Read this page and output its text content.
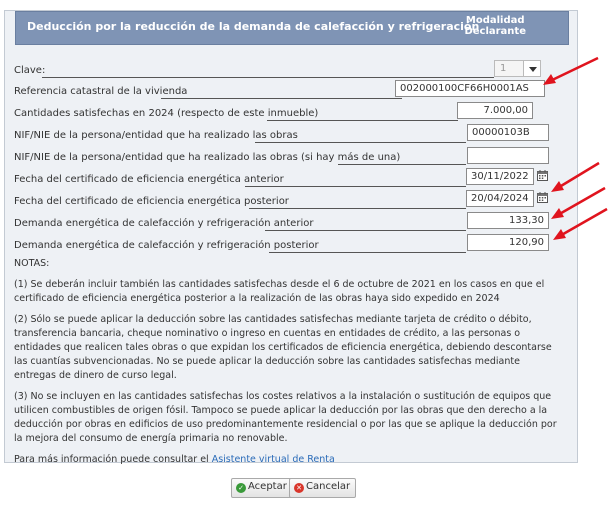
Deducción por la reducción de la demanda de calefacción y refrigeración
Modalidad
Declarante
Clave:	1
Referencia catastral de la vivienda	002000100CF66H0001AS
Cantidades satisfechas en 2024 (respecto de este inmueble)	7.000,00
NIF/NIE de la persona/entidad que ha realizado las obras	00000103B
NIF/NIE de la persona/entidad que ha realizado las obras (si hay más de una)
Fecha del certificado de eficiencia energética anterior	30/11/2022
Fecha del certificado de eficiencia energética posterior	20/04/2024
Demanda energética de calefacción y refrigeración anterior	133,30
Demanda energética de calefacción y refrigeración posterior	120,90

NOTAS:

(1) Se deberán incluir también las cantidades satisfechas desde el 6 de octubre de 2021 en los casos en que el certificado de eficiencia energética posterior a la realización de las obras haya sido expedido en 2024

(2) Sólo se puede aplicar la deducción sobre las cantidades satisfechas mediante tarjeta de crédito o débito, transferencia bancaria, cheque nominativo o ingreso en cuentas en entidades de crédito, a las personas o entidades que realicen tales obras o que expidan los certificados de eficiencia energética, debiendo descontarse las cuantías subvencionadas. No se puede aplicar la deducción sobre las cantidades satisfechas mediante entregas de dinero de curso legal.

(3) No se incluyen en las cantidades satisfechas los costes relativos a la instalación o sustitución de equipos que utilicen combustibles de origen fósil. Tampoco se puede aplicar la deducción por las obras que den derecho a la deducción por obras en edificios de uso predominantemente residencial o por las que se aplique la deducción por la mejora del consumo de energía primaria no renovable.

Para más información puede consultar el Asistente virtual de Renta

✓ Aceptar	✕ Cancelar
